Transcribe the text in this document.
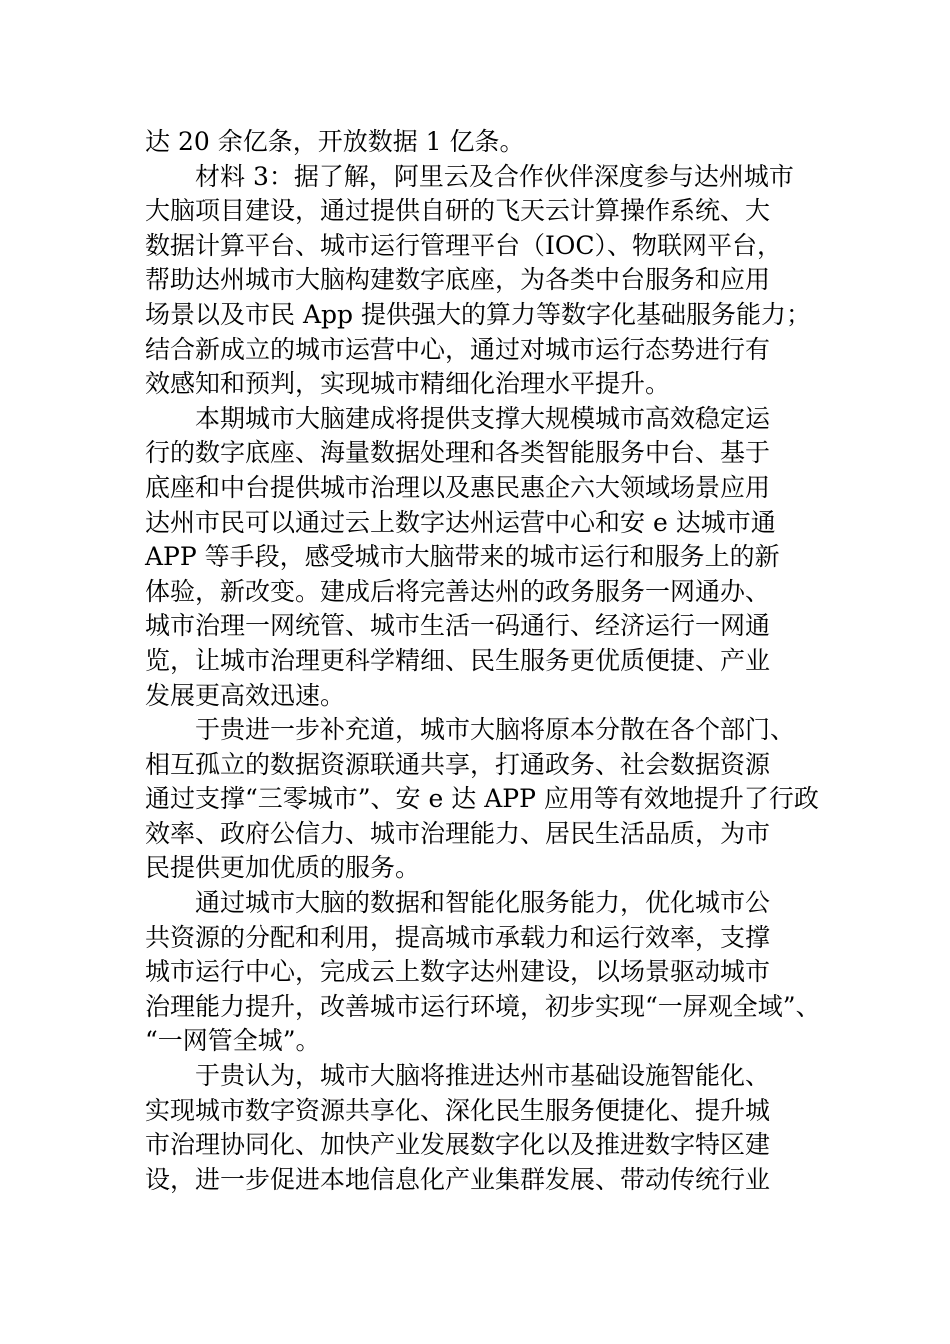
达 20 余亿条，开放数据 1 亿条。
材料 3：据了解，阿里云及合作伙伴深度参与达州城市
大脑项目建设，通过提供自研的飞天云计算操作系统、大
数据计算平台、城市运行管理平台（IOC）、物联网平台，
帮助达州城市大脑构建数字底座，为各类中台服务和应用
场景以及市民 App 提供强大的算力等数字化基础服务能力；
结合新成立的城市运营中心，通过对城市运行态势进行有
效感知和预判，实现城市精细化治理水平提升。
本期城市大脑建成将提供支撑大规模城市高效稳定运
行的数字底座、海量数据处理和各类智能服务中台、基于
底座和中台提供城市治理以及惠民惠企六大领域场景应用
达州市民可以通过云上数字达州运营中心和安 e 达城市通
APP 等手段，感受城市大脑带来的城市运行和服务上的新
体验，新改变。建成后将完善达州的政务服务一网通办、
城市治理一网统管、城市生活一码通行、经济运行一网通
览，让城市治理更科学精细、民生服务更优质便捷、产业
发展更高效迅速。
于贵进一步补充道，城市大脑将原本分散在各个部门、
相互孤立的数据资源联通共享，打通政务、社会数据资源
通过支撑“三零城市”、安 e 达 APP 应用等有效地提升了行政
效率、政府公信力、城市治理能力、居民生活品质，为市
民提供更加优质的服务。
通过城市大脑的数据和智能化服务能力，优化城市公
共资源的分配和利用，提高城市承载力和运行效率，支撑
城市运行中心，完成云上数字达州建设，以场景驱动城市
治理能力提升，改善城市运行环境，初步实现“一屏观全域”、
“一网管全城”。
于贵认为，城市大脑将推进达州市基础设施智能化、
实现城市数字资源共享化、深化民生服务便捷化、提升城
市治理协同化、加快产业发展数字化以及推进数字特区建
设，进一步促进本地信息化产业集群发展、带动传统行业
